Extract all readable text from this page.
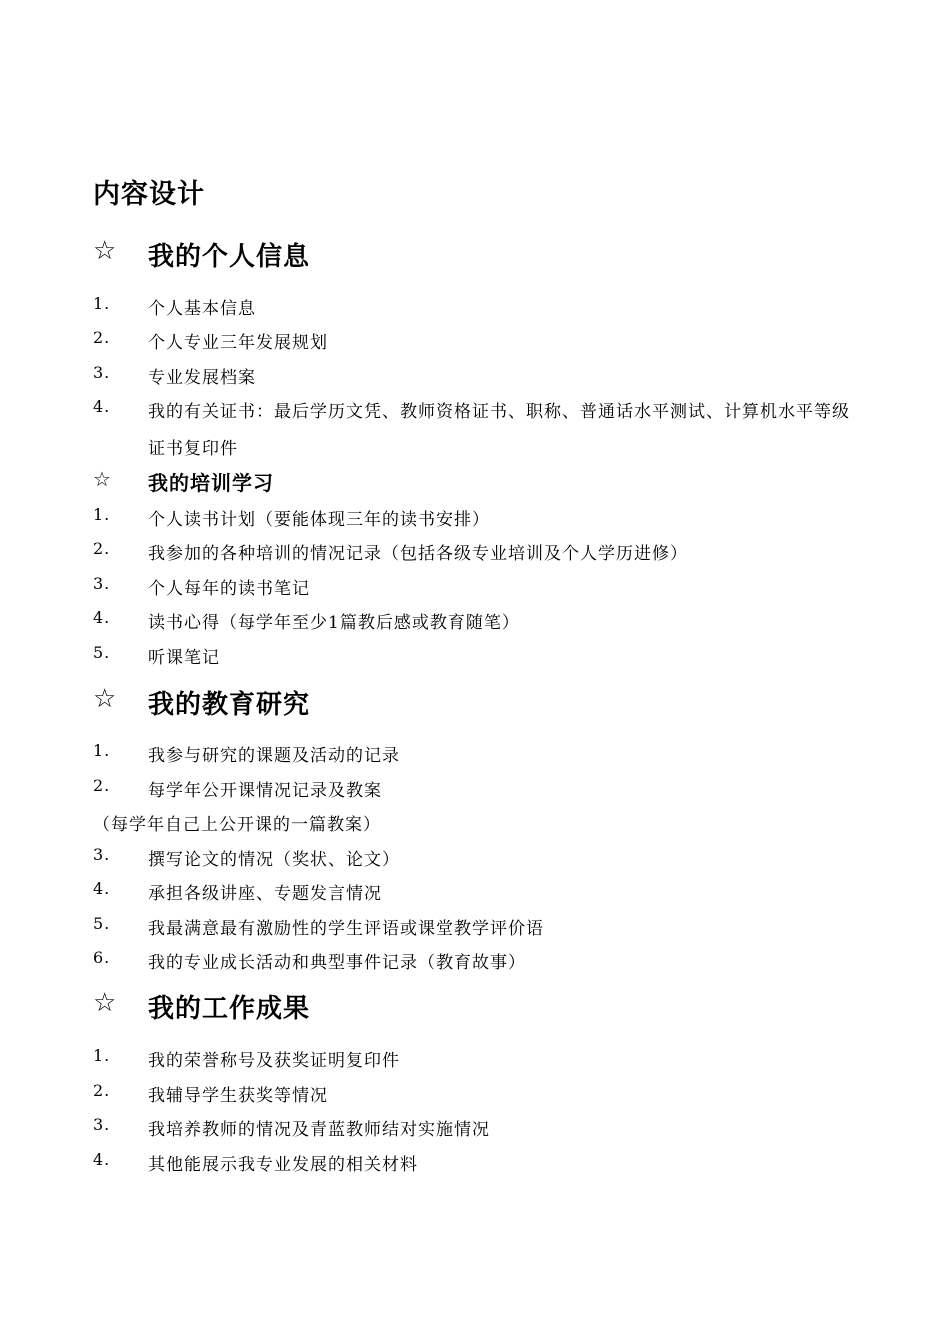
内容设计
☆ 我的个人信息
1. 个人基本信息
2. 个人专业三年发展规划
3. 专业发展档案
4. 我的有关证书：最后学历文凭、教师资格证书、职称、普通话水平测试、计算机水平等级
证书复印件
☆ 我的培训学习
1. 个人读书计划（要能体现三年的读书安排）
2. 我参加的各种培训的情况记录（包括各级专业培训及个人学历进修）
3. 个人每年的读书笔记
4. 读书心得（每学年至少1篇教后感或教育随笔）
5. 听课笔记
☆ 我的教育研究
1. 我参与研究的课题及活动的记录
2. 每学年公开课情况记录及教案
（每学年自己上公开课的一篇教案）
3. 撰写论文的情况（奖状、论文）
4. 承担各级讲座、专题发言情况
5. 我最满意最有激励性的学生评语或课堂教学评价语
6. 我的专业成长活动和典型事件记录（教育故事）
☆ 我的工作成果
1. 我的荣誉称号及获奖证明复印件
2. 我辅导学生获奖等情况
3. 我培养教师的情况及青蓝教师结对实施情况
4. 其他能展示我专业发展的相关材料
